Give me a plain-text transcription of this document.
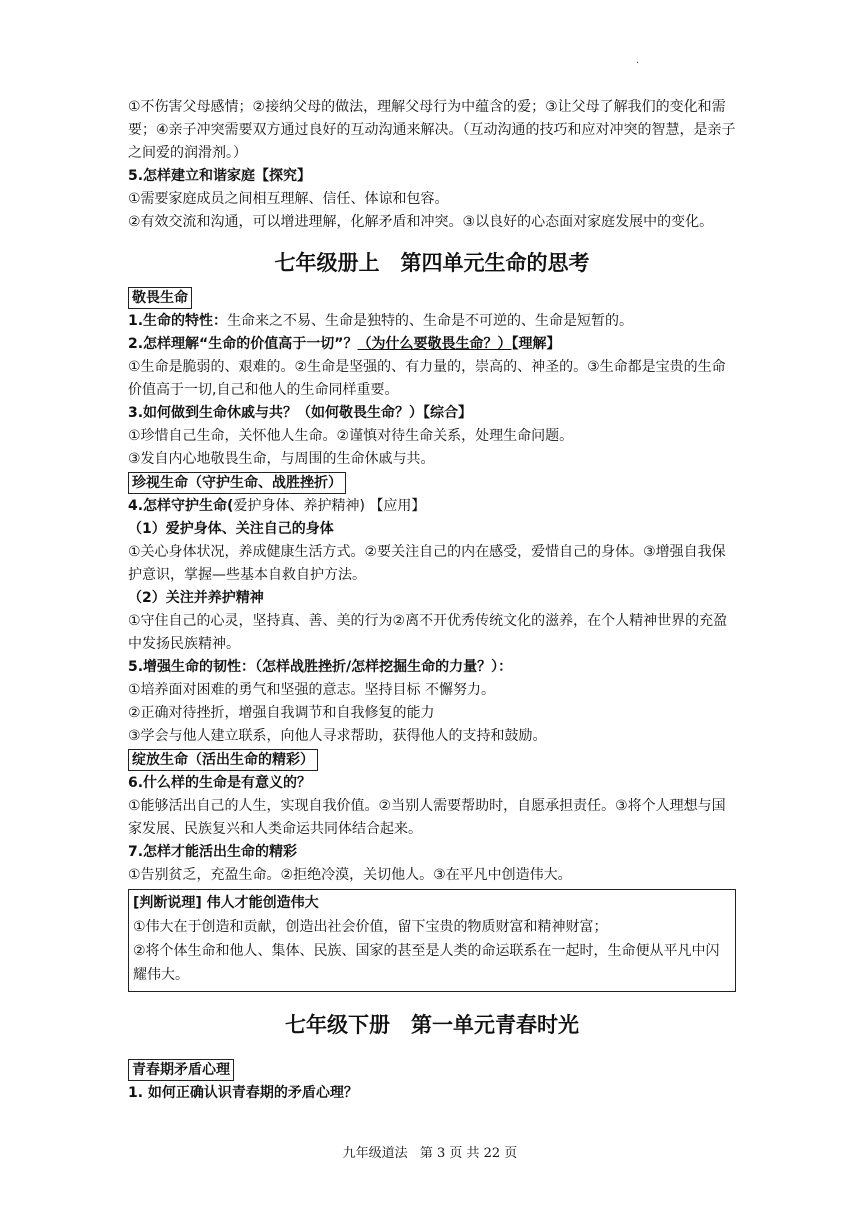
·

①不伤害父母感情；②接纳父母的做法，理解父母行为中蕴含的爱；③让父母了解我们的变化和需要；④亲子冲突需要双方通过良好的互动沟通来解决。（互动沟通的技巧和应对冲突的智慧，是亲子之间爱的润滑剂。）

5.怎样建立和谐家庭【探究】

①需要家庭成员之间相互理解、信任、体谅和包容。

②有效交流和沟通，可以增进理解，化解矛盾和冲突。③以良好的心态面对家庭发展中的变化。

七年级册上　第四单元生命的思考
敬畏生命

1.生命的特性：生命来之不易、生命是独特的、生命是不可逆的、生命是短暂的。

2.怎样理解“生命的价值高于一切”？（为什么要敬畏生命？）【理解】

①生命是脆弱的、艰难的。②生命是坚强的、有力量的，崇高的、神圣的。③生命都是宝贵的生命价值高于一切,自己和他人的生命同样重要。

3.如何做到生命休戚与共？（如何敬畏生命？）【综合】

①珍惜自己生命，关怀他人生命。②谨慎对待生命关系，处理生命问题。

③发自内心地敬畏生命，与周围的生命休戚与共。

珍视生命（守护生命、战胜挫折）

4.怎样守护生命(爱护身体、养护精神) 【应用】

（1）爱护身体、关注自己的身体

①关心身体状况，养成健康生活方式。②要关注自己的内在感受，爱惜自己的身体。③增强自我保护意识，掌握—些基本自救自护方法。

（2）关注并养护精神

①守住自己的心灵，坚持真、善、美的行为②离不开优秀传统文化的滋养，在个人精神世界的充盈中发扬民族精神。

5.增强生命的韧性：（怎样战胜挫折/怎样挖掘生命的力量？）：

①培养面对困难的勇气和坚强的意志。坚持目标 不懈努力。

②正确对待挫折，增强自我调节和自我修复的能力

③学会与他人建立联系，向他人寻求帮助，获得他人的支持和鼓励。

绽放生命（活出生命的精彩）

6.什么样的生命是有意义的？

①能够活出自己的人生，实现自我价值。②当别人需要帮助时，自愿承担责任。③将个人理想与国家发展、民族复兴和人类命运共同体结合起来。

7.怎样才能活出生命的精彩

①告别贫乏，充盈生命。②拒绝冷漠，关切他人。③在平凡中创造伟大。

[判断说理] 伟人才能创造伟大

①伟大在于创造和贡献，创造出社会价值，留下宝贵的物质财富和精神财富；

②将个体生命和他人、集体、民族、国家的甚至是人类的命运联系在一起时，生命便从平凡中闪耀伟大。

七年级下册　第一单元青春时光
青春期矛盾心理

1. 如何正确认识青春期的矛盾心理？

九年级道法 第 3 页 共 22 页
